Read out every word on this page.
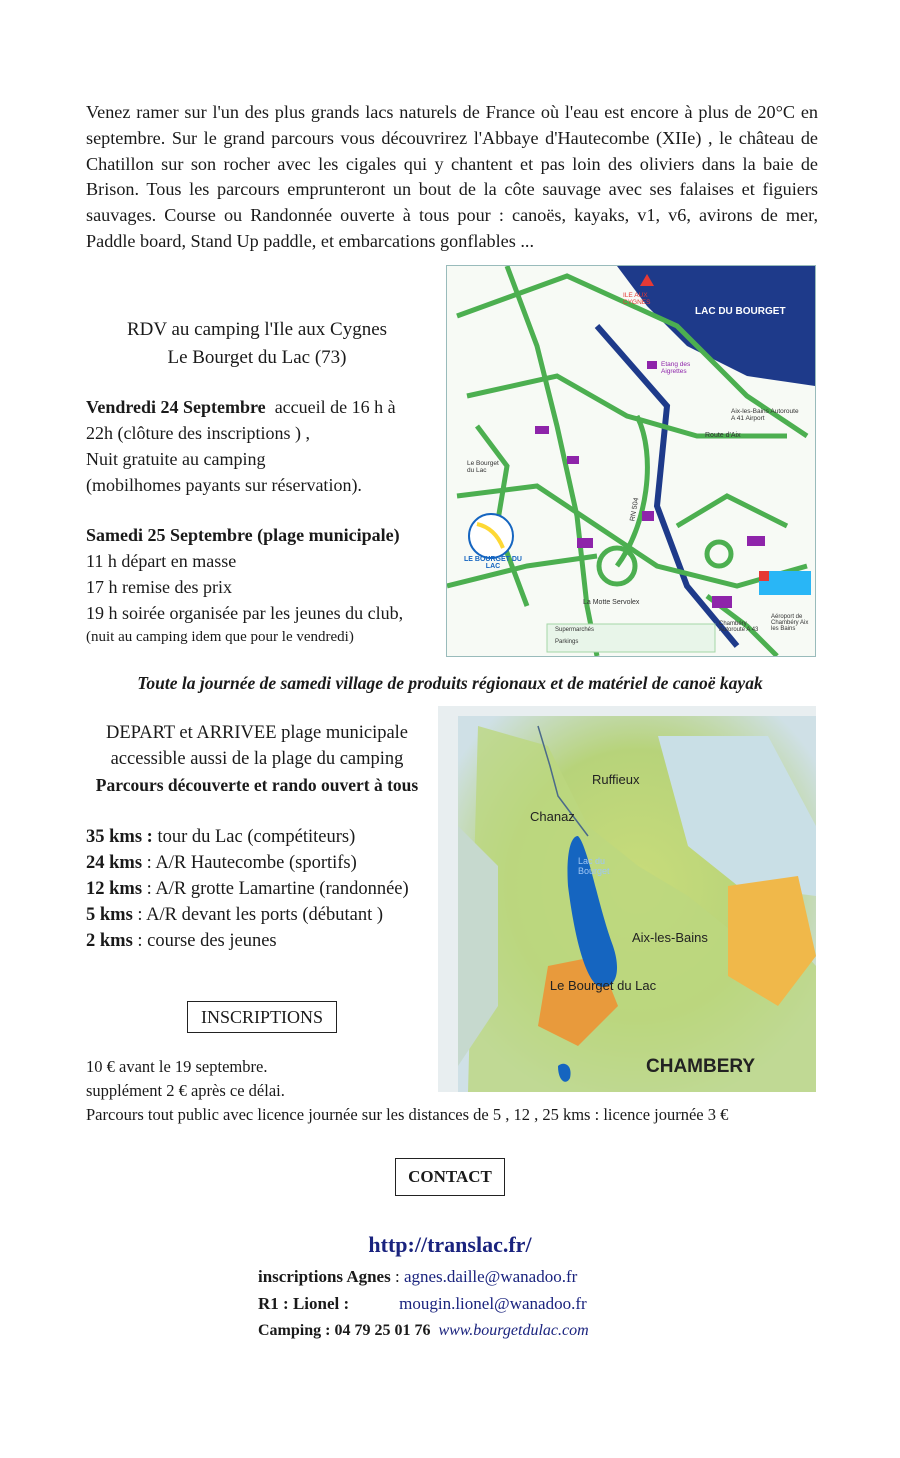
Venez ramer sur l'un des plus grands lacs naturels de France où l'eau est encore à plus de 20°C en septembre. Sur le grand parcours vous découvrirez l'Abbaye d'Hautecombe (XIIe) , le château de Chatillon sur son rocher avec les cigales qui y chantent et pas loin des oliviers dans la baie de Brison. Tous les parcours emprunteront un bout de la côte sauvage avec ses falaises et figuiers sauvages. Course ou Randonnée ouverte à tous pour : canoës, kayaks, v1, v6, avirons de mer, Paddle board, Stand Up paddle, et embarcations gonflables ...
RDV au camping l'Ile aux Cygnes
Le Bourget du Lac (73)
Vendredi 24 Septembre accueil de 16 h à
22h (clôture des inscriptions ) ,
Nuit gratuite au camping
(mobilhomes payants sur réservation).
Samedi 25 Septembre (plage municipale)
11 h départ en masse
17 h remise des prix
19 h soirée organisée par les jeunes du club,
(nuit au camping idem que pour le vendredi)
LAC DU BOURGET
ILE AUX CYGNES
Etang des Aigrettes
Le Bourget du Lac
Aix-les-Bains Autoroute A 41 Airport
Route d'Aix
RN 504
La Motte Servolex
Aéroport de Chambéry Aix les Bains
Chambéry Autoroute A 43
LE BOURGET DU LAC
Supermarchés
Parkings
Toute la journée de samedi village de produits régionaux et de matériel de canoë kayak
DEPART et ARRIVEE plage municipale
accessible aussi de la plage du camping
Parcours découverte et rando ouvert à tous
35 kms : tour du Lac (compétiteurs)
24 kms : A/R Hautecombe (sportifs)
12 kms : A/R grotte Lamartine (randonnée)
5 kms : A/R devant les ports (débutant )
2 kms : course des jeunes
Ruffieux
Chanaz
Lac du Bourget
Aix-les-Bains
Le Bourget du Lac
CHAMBERY
INSCRIPTIONS
10 € avant le 19 septembre.
supplément 2 € après ce délai.
Parcours tout public avec licence journée sur les distances de 5 , 12 , 25 kms : licence journée 3 €
CONTACT
http://translac.fr/
inscriptions Agnes : agnes.daille@wanadoo.fr
R1 : Lionel :	mougin.lionel@wanadoo.fr
Camping : 04 79 25 01 76 www.bourgetdulac.com
